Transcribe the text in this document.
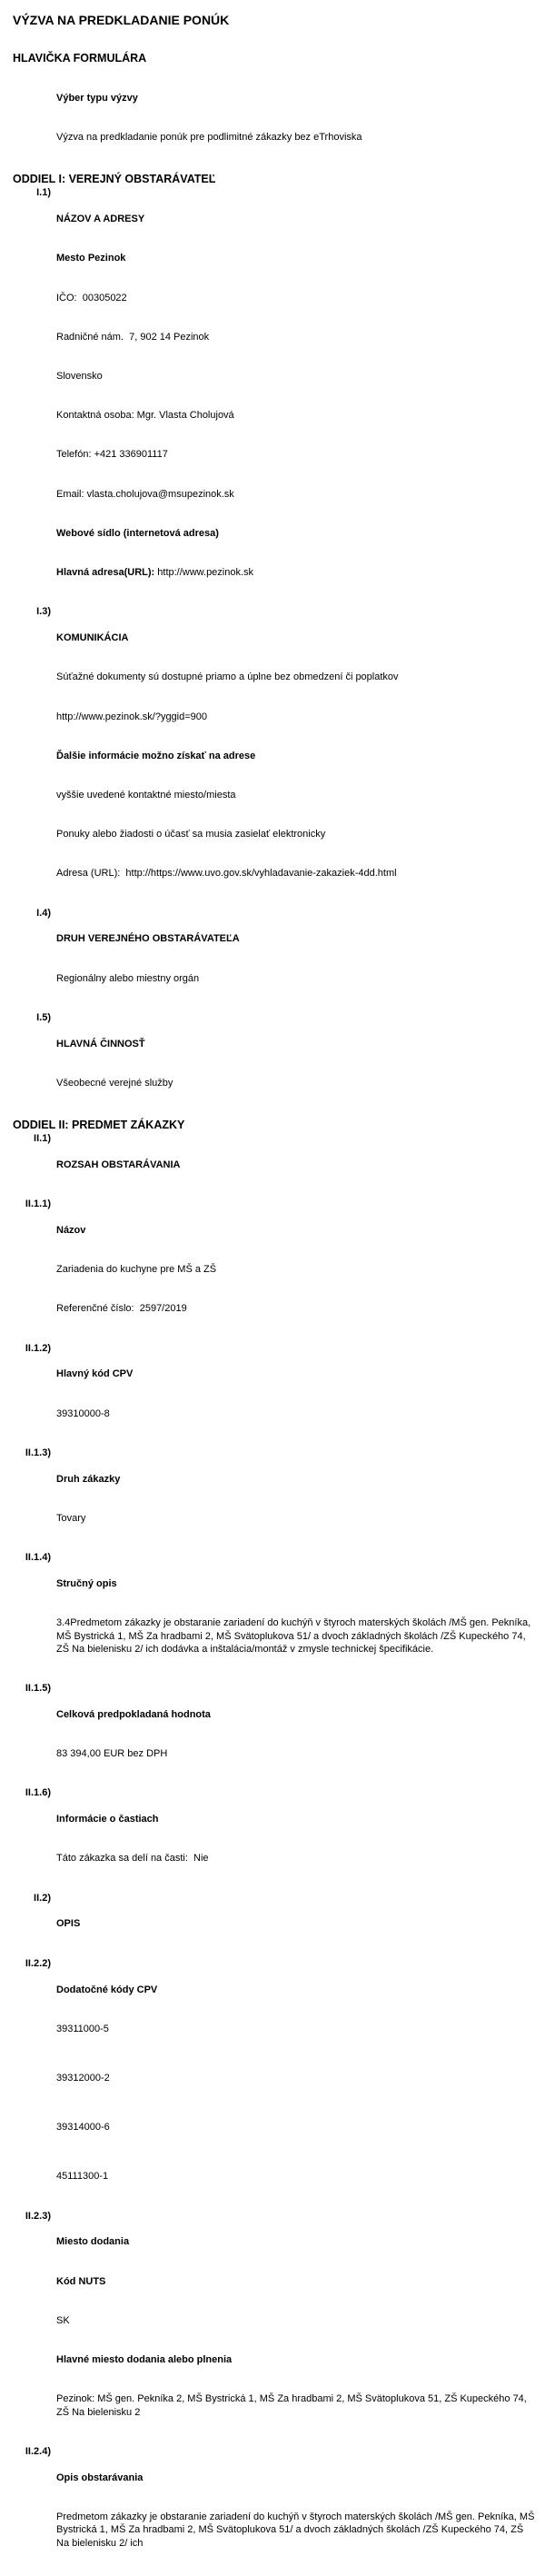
VÝZVA NA PREDKLADANIE PONÚK
HLAVIČKA FORMULÁRA

Výber typu výzvy

Výzva na predkladanie ponúk pre podlimitné zákazky bez eTrhoviska

ODDIEL I: VEREJNÝ OBSTARÁVATEĽ
I.1)

NÁZOV A ADRESY

Mesto Pezinok

IČO:  00305022

Radničné nám.  7, 902 14 Pezinok

Slovensko

Kontaktná osoba: Mgr. Vlasta Cholujová

Telefón: +421 336901117

Email: vlasta.cholujova@msupezinok.sk

Webové sídlo (internetová adresa)

Hlavná adresa(URL): http://www.pezinok.sk

I.3)

KOMUNIKÁCIA

Súťažné dokumenty sú dostupné priamo a úplne bez obmedzení či poplatkov

http://www.pezinok.sk/?yggid=900

Ďalšie informácie možno získať na adrese

vyššie uvedené kontaktné miesto/miesta

Ponuky alebo žiadosti o účasť sa musia zasielať elektronicky

Adresa (URL):  http://https://www.uvo.gov.sk/vyhladavanie-zakaziek-4dd.html

I.4)

DRUH VEREJNÉHO OBSTARÁVATEĽA

Regionálny alebo miestny orgán

I.5)

HLAVNÁ ČINNOSŤ

Všeobecné verejné služby

ODDIEL II: PREDMET ZÁKAZKY
II.1)

ROZSAH OBSTARÁVANIA

II.1.1)

Názov

Zariadenia do kuchyne pre MŠ a ZŠ

Referenčné číslo:  2597/2019

II.1.2)

Hlavný kód CPV

39310000-8

II.1.3)

Druh zákazky

Tovary

II.1.4)

Stručný opis

3.4Predmetom zákazky je obstaranie zariadení do kuchýň v štyroch materských školách /MŠ gen. Pekníka, MŠ Bystrická 1, MŠ Za hradbami 2, MŠ Svätoplukova 51/ a dvoch základných školách /ZŠ Kupeckého 74, ZŠ Na bielenisku 2/ ich dodávka a inštalácia/montáž v zmysle technickej špecifikácie.

II.1.5)

Celková predpokladaná hodnota

83 394,00 EUR bez DPH

II.1.6)

Informácie o častiach

Táto zákazka sa delí na časti:  Nie

II.2)

OPIS

II.2.2)

Dodatočné kódy CPV

39311000-5

39312000-2

39314000-6

45111300-1

II.2.3)

Miesto dodania

Kód NUTS

SK

Hlavné miesto dodania alebo plnenia

Pezinok: MŠ gen. Pekníka 2, MŠ Bystrická 1, MŠ Za hradbami 2, MŠ Svätoplukova 51, ZŠ Kupeckého 74, ZŠ Na bielenisku 2

II.2.4)

Opis obstarávania

Predmetom zákazky je obstaranie zariadení do kuchýň v štyroch materských školách /MŠ gen. Pekníka, MŠ Bystrická 1, MŠ Za hradbami 2, MŠ Svätoplukova 51/ a dvoch základných školách /ZŠ Kupeckého 74, ZŠ Na bielenisku 2/ ich
